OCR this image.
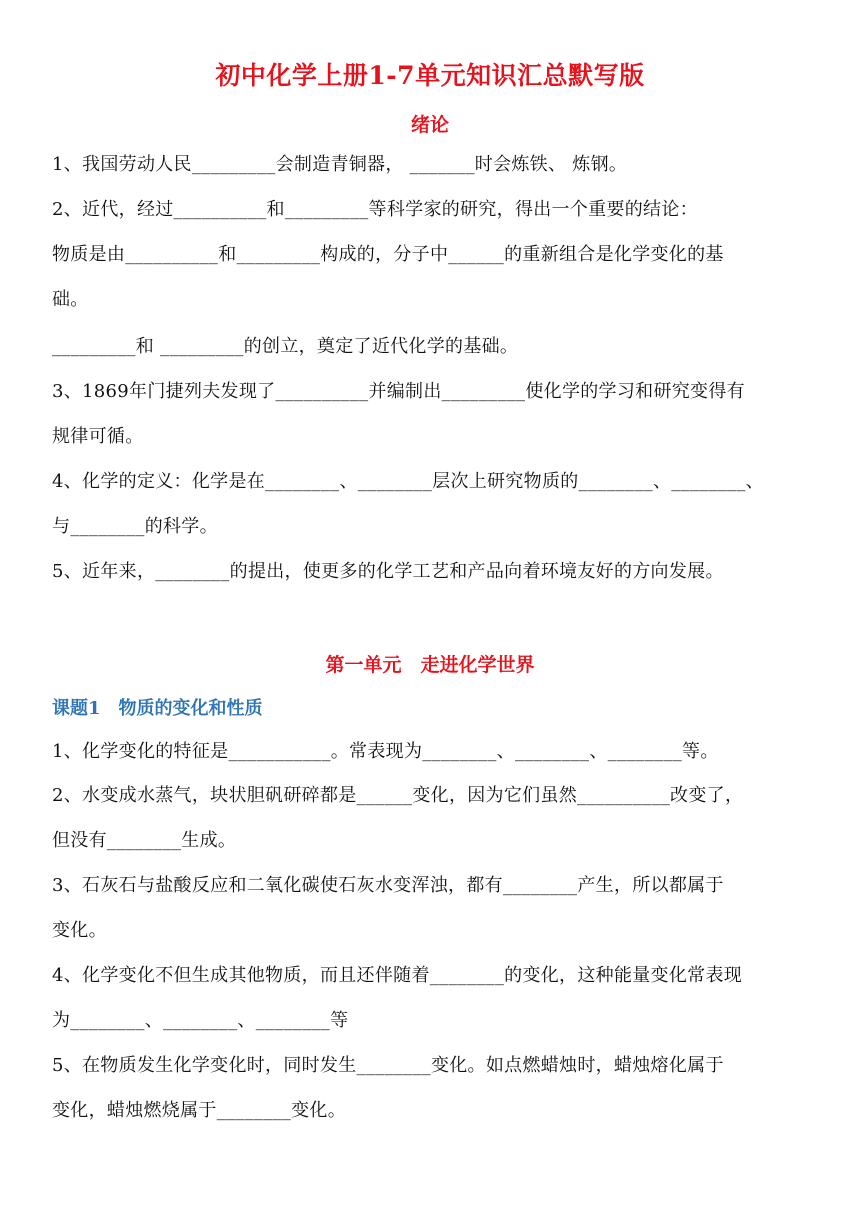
初中化学上册1-7单元知识汇总默写版
绪论
1、我国劳动人民_________会制造青铜器， _______时会炼铁、 炼钢。
2、近代，经过__________和_________等科学家的研究，得出一个重要的结论：
物质是由__________和_________构成的，分子中______的重新组合是化学变化的基
础。
_________和 _________的创立，奠定了近代化学的基础。
3、1869年门捷列夫发现了__________并编制出_________使化学的学习和研究变得有
规律可循。
4、化学的定义：化学是在________、________层次上研究物质的________、________、
与________的科学。
5、近年来，________的提出，使更多的化学工艺和产品向着环境友好的方向发展。
第一单元　走进化学世界
课题1　物质的变化和性质
1、化学变化的特征是___________。常表现为________、________、________等。
2、水变成水蒸气，块状胆矾研碎都是______变化，因为它们虽然__________改变了，
但没有________生成。
3、石灰石与盐酸反应和二氧化碳使石灰水变浑浊，都有________产生，所以都属于
变化。
4、化学变化不但生成其他物质，而且还伴随着________的变化，这种能量变化常表现
为________、________、________等
5、在物质发生化学变化时，同时发生________变化。如点燃蜡烛时，蜡烛熔化属于
变化，蜡烛燃烧属于________变化。
